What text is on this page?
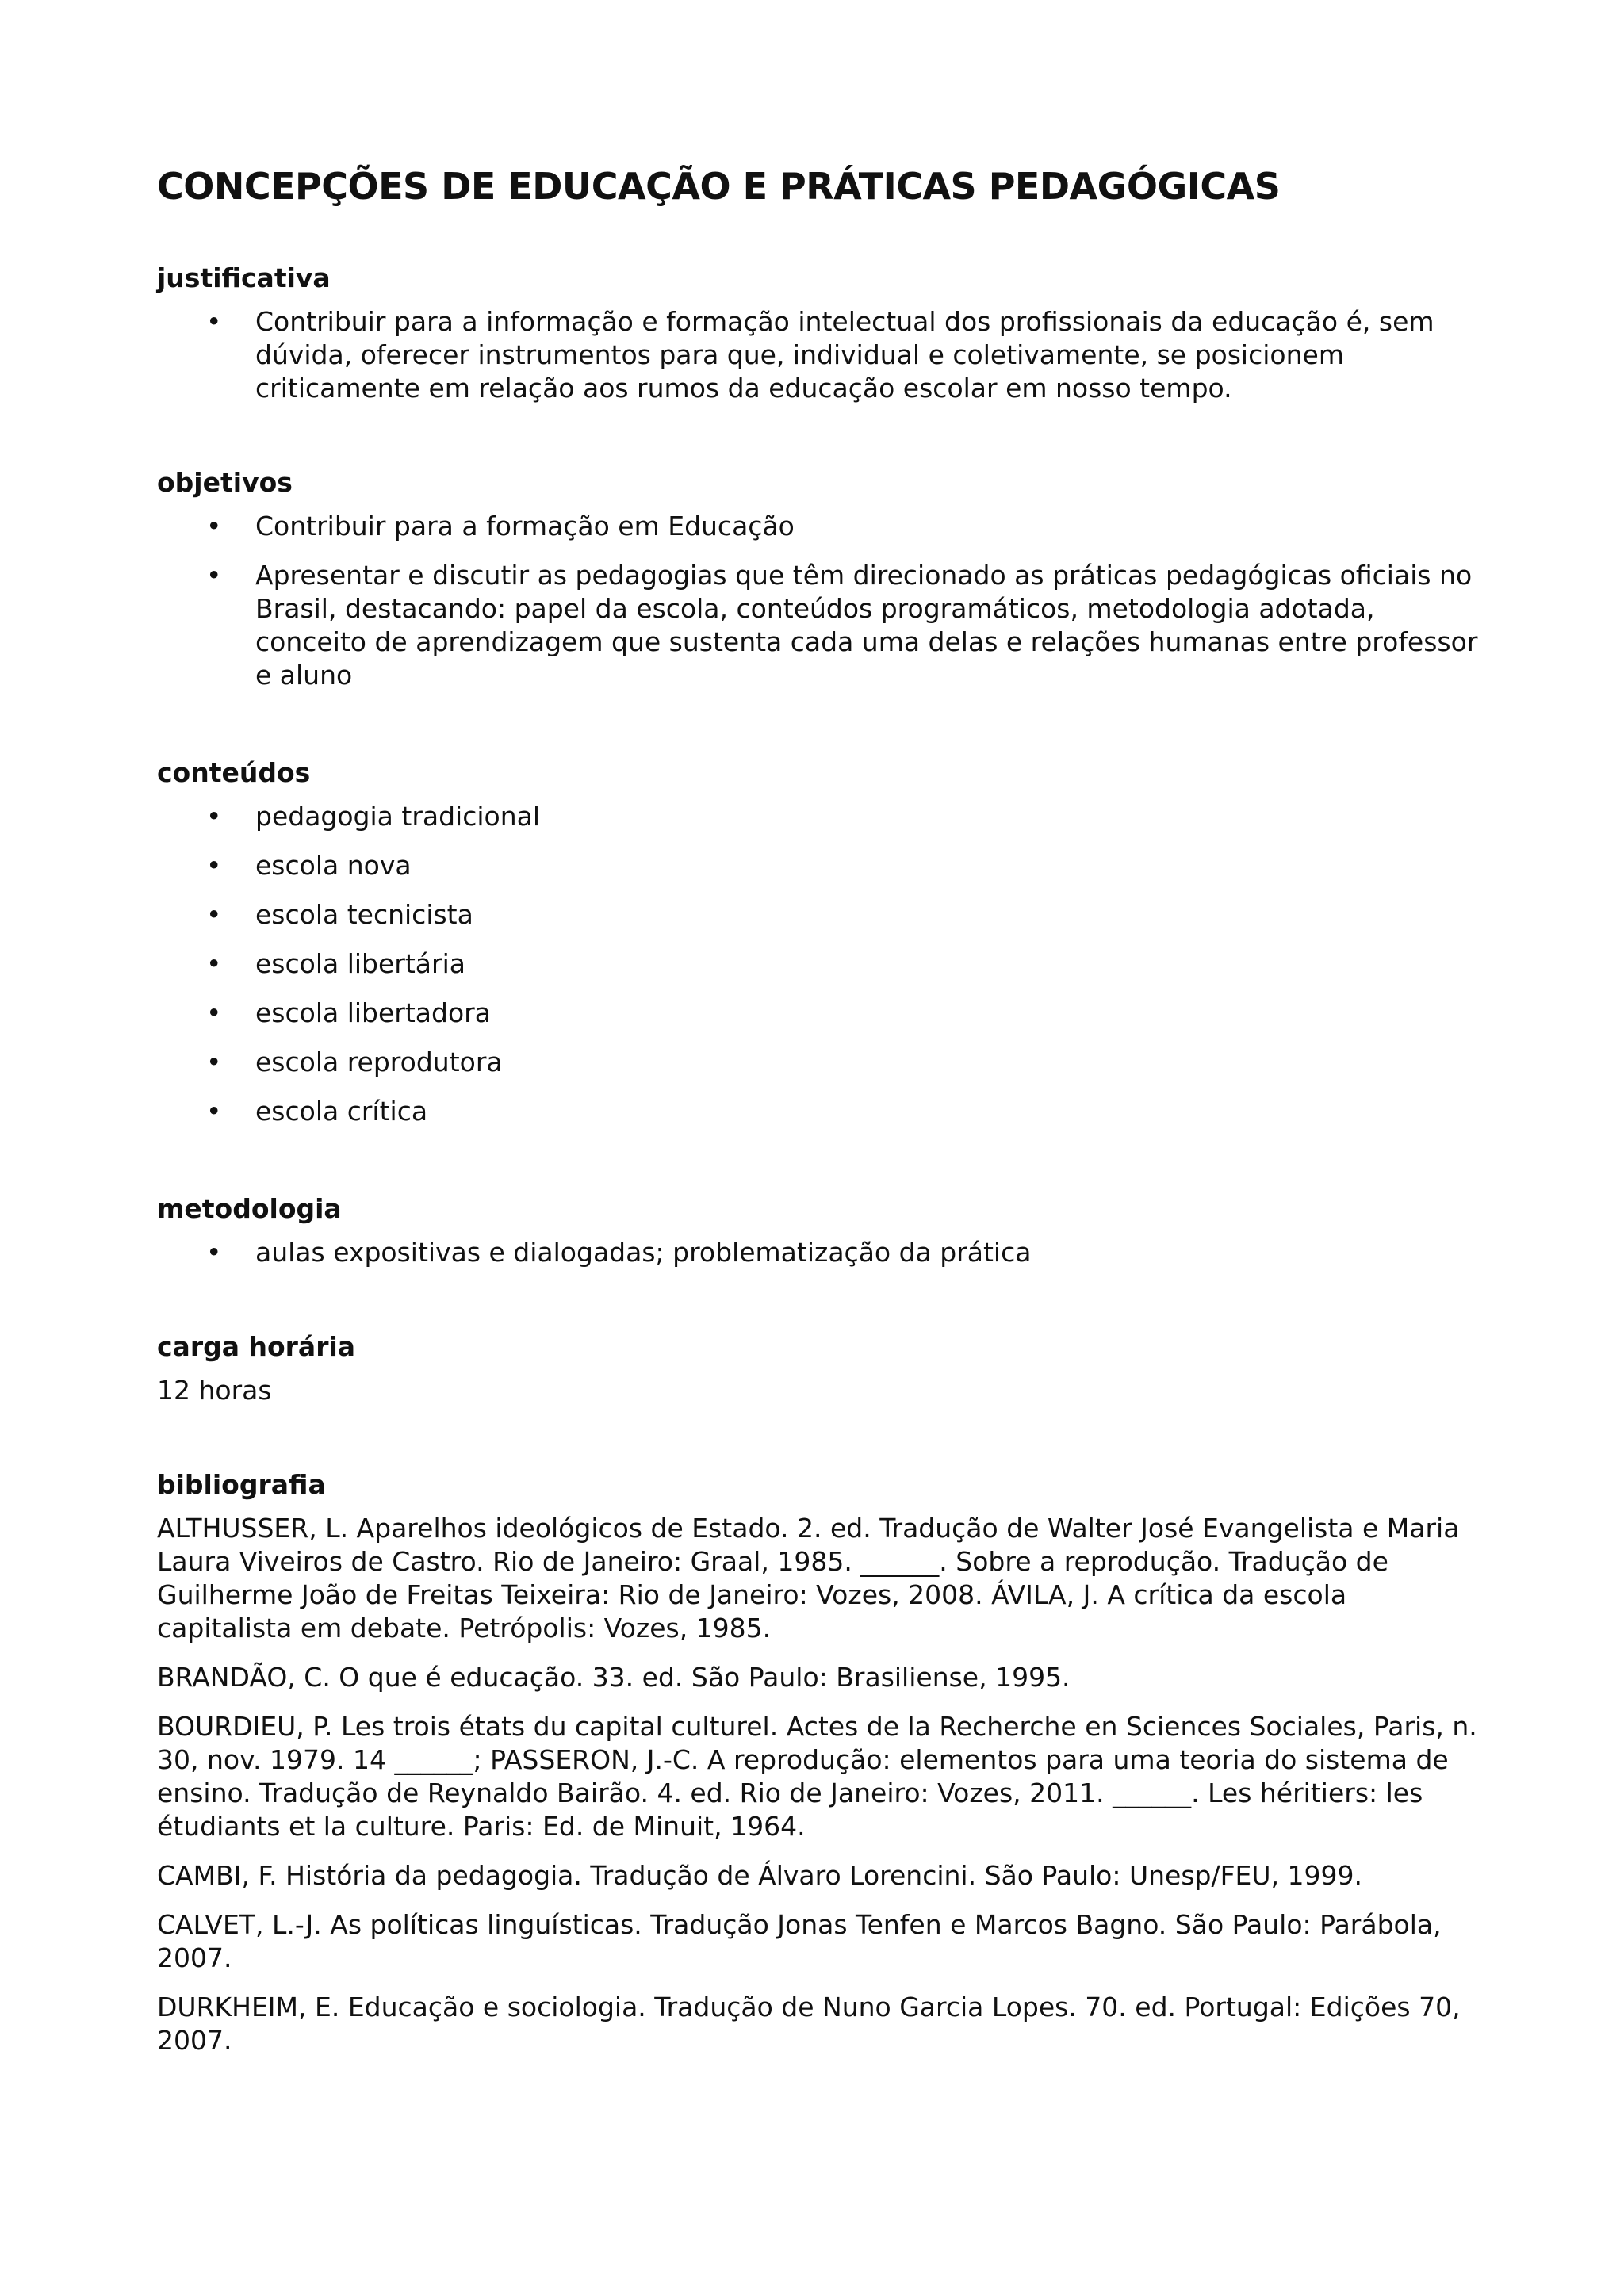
CONCEPÇÕES DE EDUCAÇÃO E PRÁTICAS PEDAGÓGICAS
justificativa
• Contribuir para a informação e formação intelectual dos profissionais da educação é, sem dúvida, oferecer instrumentos para que, individual e coletivamente, se posicionem criticamente em relação aos rumos da educação escolar em nosso tempo.
objetivos
• Contribuir para a formação em Educação
• Apresentar e discutir as pedagogias que têm direcionado as práticas pedagógicas oficiais no Brasil, destacando: papel da escola, conteúdos programáticos, metodologia adotada, conceito de aprendizagem que sustenta cada uma delas e relações humanas entre professor e aluno
conteúdos
• pedagogia tradicional
• escola nova
• escola tecnicista
• escola libertária
• escola libertadora
• escola reprodutora
• escola crítica
metodologia
• aulas expositivas e dialogadas; problematização da prática
carga horária

12 horas

bibliografia

ALTHUSSER, L. Aparelhos ideológicos de Estado. 2. ed. Tradução de Walter José Evangelista e Maria Laura Viveiros de Castro. Rio de Janeiro: Graal, 1985. ______. Sobre a reprodução. Tradução de Guilherme João de Freitas Teixeira: Rio de Janeiro: Vozes, 2008. ÁVILA, J. A crítica da escola capitalista em debate. Petrópolis: Vozes, 1985.

BRANDÃO, C. O que é educação. 33. ed. São Paulo: Brasiliense, 1995.

BOURDIEU, P. Les trois états du capital culturel. Actes de la Recherche en Sciences Sociales, Paris, n. 30, nov. 1979. 14 ______; PASSERON, J.-C. A reprodução: elementos para uma teoria do sistema de ensino. Tradução de Reynaldo Bairão. 4. ed. Rio de Janeiro: Vozes, 2011. ______. Les héritiers: les étudiants et la culture. Paris: Ed. de Minuit, 1964.

CAMBI, F. História da pedagogia. Tradução de Álvaro Lorencini. São Paulo: Unesp/FEU, 1999.

CALVET, L.-J. As políticas linguísticas. Tradução Jonas Tenfen e Marcos Bagno. São Paulo: Parábola, 2007.

DURKHEIM, E. Educação e sociologia. Tradução de Nuno Garcia Lopes. 70. ed. Portugal: Edições 70, 2007.
